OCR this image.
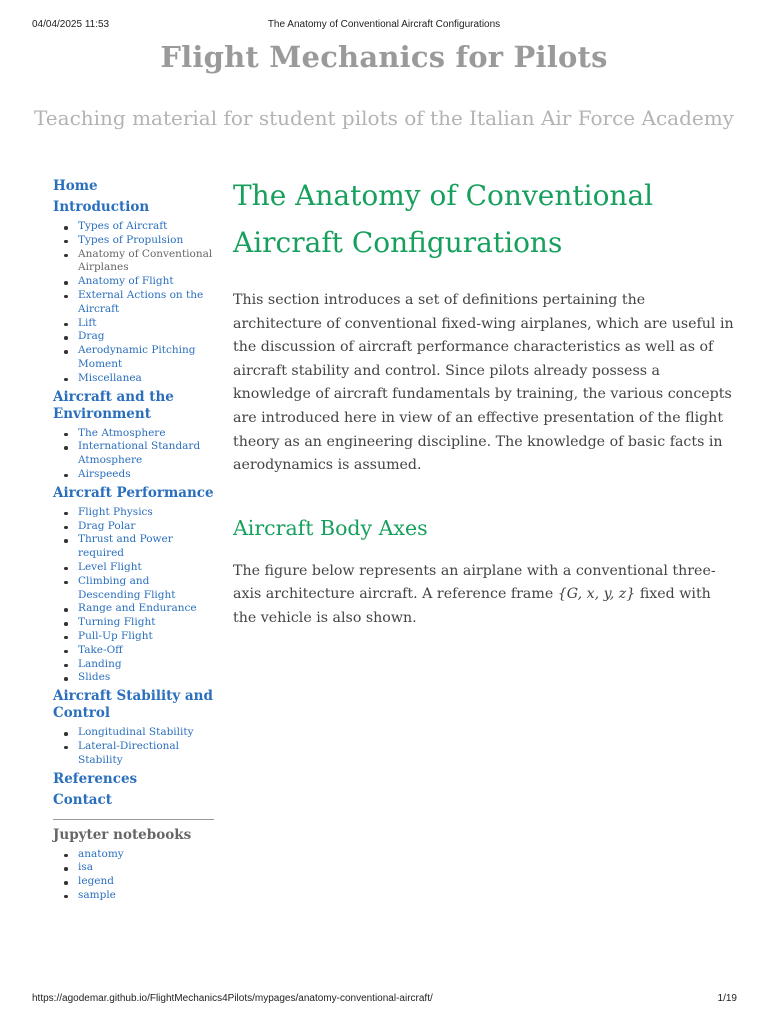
04/04/2025 11:53	The Anatomy of Conventional Aircraft Configurations
Flight Mechanics for Pilots
Teaching material for student pilots of the Italian Air Force Academy
Home
Introduction
Types of Aircraft
Types of Propulsion
Anatomy of Conventional Airplanes
Anatomy of Flight
External Actions on the Aircraft
Lift
Drag
Aerodynamic Pitching Moment
Miscellanea
Aircraft and the Environment
The Atmosphere
International Standard Atmosphere
Airspeeds
Aircraft Performance
Flight Physics
Drag Polar
Thrust and Power required
Level Flight
Climbing and Descending Flight
Range and Endurance
Turning Flight
Pull-Up Flight
Take-Off
Landing
Slides
Aircraft Stability and Control
Longitudinal Stability
Lateral-Directional Stability
References
Contact
Jupyter notebooks
anatomy
isa
legend
sample
The Anatomy of Conventional Aircraft Configurations

This section introduces a set of definitions pertaining the architecture of conventional fixed-wing airplanes, which are useful in the discussion of aircraft performance characteristics as well as of aircraft stability and control. Since pilots already possess a knowledge of aircraft fundamentals by training, the various concepts are introduced here in view of an effective presentation of the flight theory as an engineering discipline. The knowledge of basic facts in aerodynamics is assumed.

Aircraft Body Axes

The figure below represents an airplane with a conventional three-axis architecture aircraft. A reference frame {G, x, y, z} fixed with the vehicle is also shown.

https://agodemar.github.io/FlightMechanics4Pilots/mypages/anatomy-conventional-aircraft/	1/19
